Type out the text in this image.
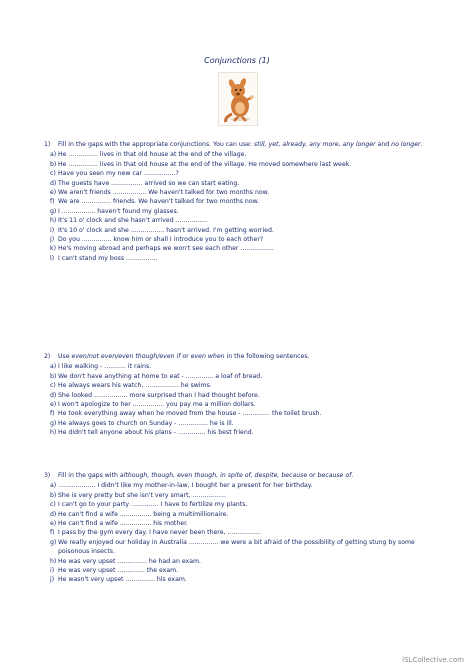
Conjunctions (1)
1)	Fill in the gaps with the appropriate conjunctions. You can use: still, yet, already, any more, any longer and no longer.
a) He ............... lives in that old house at the end of the village.
b) He ............... lives in that old house at the end of the village. He moved somewhere last week.
c) Have you seen my new car ................?
d) The guests have ................ arrived so we can start eating.
e) We aren't friends ................. We haven't talked for two months now.
f) We are ............... friends. We haven't talked for two months now.
g) I ................. haven't found my glasses.
h) It's 11 o' clock and she hasn't arrived ................
i) It's 10 o' clock and she ................. hasn't arrived. I'm getting worried.
j) Do you ............... know him or shall I introduce you to each other?
k) He's moving abroad and perhaps we won't see each other .................
l) I can't stand my boss ................
2)	Use even/not even/even though/even if or even when in the following sentences.
a) I like walking - ........... it rains.
b) We don't have anything at home to eat - .............. a loaf of bread.
c) He always wears his watch, ................. he swims.
d) She looked ................. more surprised than I had thought before.
e) I won't apologize to her ................ you pay me a million dollars.
f) He took everything away when he moved from the house - .............. the toilet brush.
g) He always goes to church on Sunday - ............... he is ill.
h) He didn't tell anyone about his plans - .............. his best friend.
3)	Fill in the gaps with although, though, even though, in spite of, despite, because or because of.
a) ................... I didn't like my mother-in-law, I bought her a present for her birthday.
b) She is very pretty but she isn't very smart, .................
c) I can't go to your party .............. I have to fertilize my plants.
d) He can't find a wife ................ being a multimillionaire.
e) He can't find a wife ................ his mother.
f) I pass by the gym every day. I have never been there, .................
g) We really enjoyed our holiday in Australia ............... we were a bit afraid of the possibility of getting stung by some poisonous insects.
h) He was very upset ............... he had an exam.
i) He was very upset .............. the exam.
j) He wasn't very upset ............... his exam.
iSLCollective.com
